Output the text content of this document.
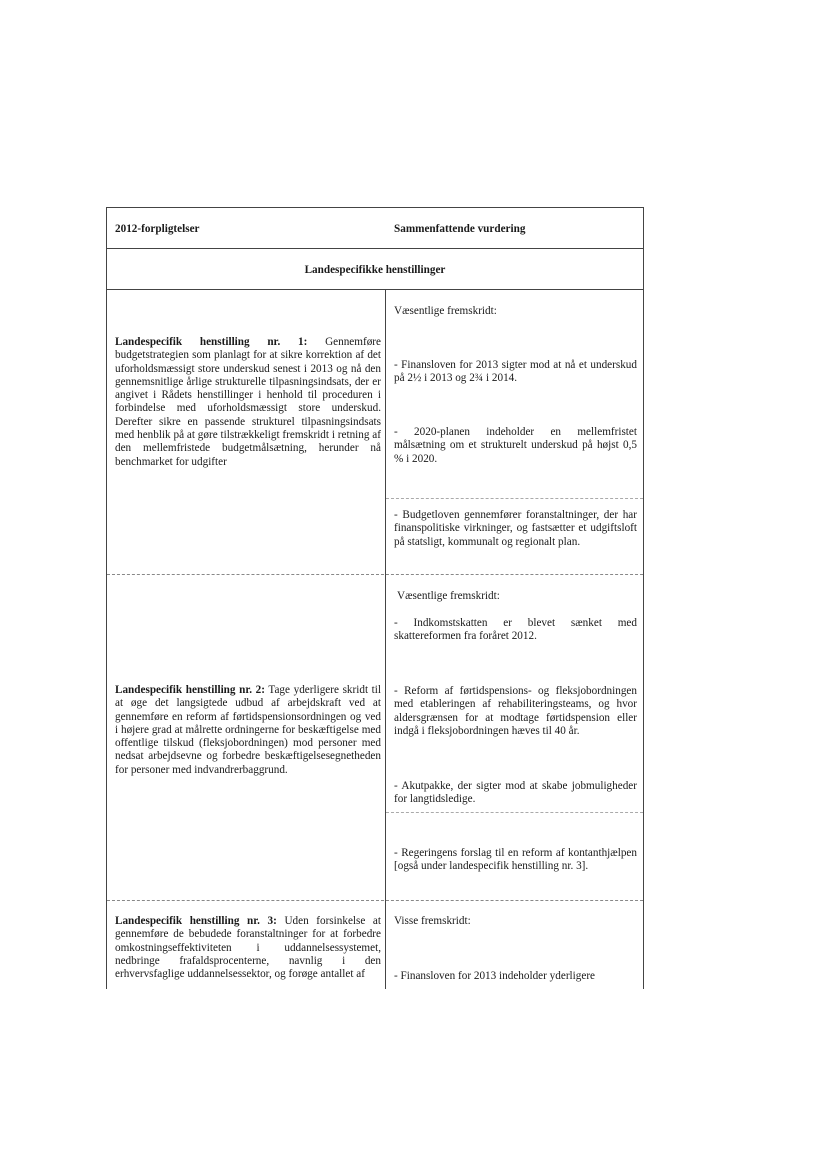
2012-forpligtelser	Sammenfattende vurdering
Landespecifikke henstillinger
Landespecifik henstilling nr. 1: Gennemføre budgetstrategien som planlagt for at sikre korrektion af det uforholdsmæssigt store underskud senest i 2013 og nå den gennemsnitlige årlige strukturelle tilpasningsindsats, der er angivet i Rådets henstillinger i henhold til proceduren i forbindelse med uforholdsmæssigt store underskud. Derefter sikre en passende strukturel tilpasningsindsats med henblik på at gøre tilstrækkeligt fremskridt i retning af den mellemfristede budgetmålsætning, herunder nå benchmarket for udgifter
Væsentlige fremskridt:
- Finansloven for 2013 sigter mod at nå et underskud på 2½ i 2013 og 2¾ i 2014.
- 2020-planen indeholder en mellemfristet målsætning om et strukturelt underskud på højst 0,5 % i 2020.
- Budgetloven gennemfører foranstaltninger, der har finanspolitiske virkninger, og fastsætter et udgiftsloft på statsligt, kommunalt og regionalt plan.
Landespecifik henstilling nr. 2: Tage yderligere skridt til at øge det langsigtede udbud af arbejdskraft ved at gennemføre en reform af førtidspensionsordningen og ved i højere grad at målrette ordningerne for beskæftigelse med offentlige tilskud (fleksjobordningen) mod personer med nedsat arbejdsevne og forbedre beskæftigelsesegnetheden for personer med indvandrerbaggrund.
Væsentlige fremskridt:
- Indkomstskatten er blevet sænket med skattereformen fra foråret 2012.
- Reform af førtidspensions- og fleksjobordningen med etableringen af rehabiliteringsteams, og hvor aldersgrænsen for at modtage førtidspension eller indgå i fleksjobordningen hæves til 40 år.
- Akutpakke, der sigter mod at skabe jobmuligheder for langtidsledige.
- Regeringens forslag til en reform af kontanthjælpen [også under landespecifik henstilling nr. 3].
Landespecifik henstilling nr. 3: Uden forsinkelse at gennemføre de bebudede foranstaltninger for at forbedre omkostningseffektiviteten i uddannelsessystemet, nedbringe frafaldsprocenterne, navnlig i den erhvervsfaglige uddannelsessektor, og forøge antallet af
Visse fremskridt:
- Finansloven for 2013 indeholder yderligere
